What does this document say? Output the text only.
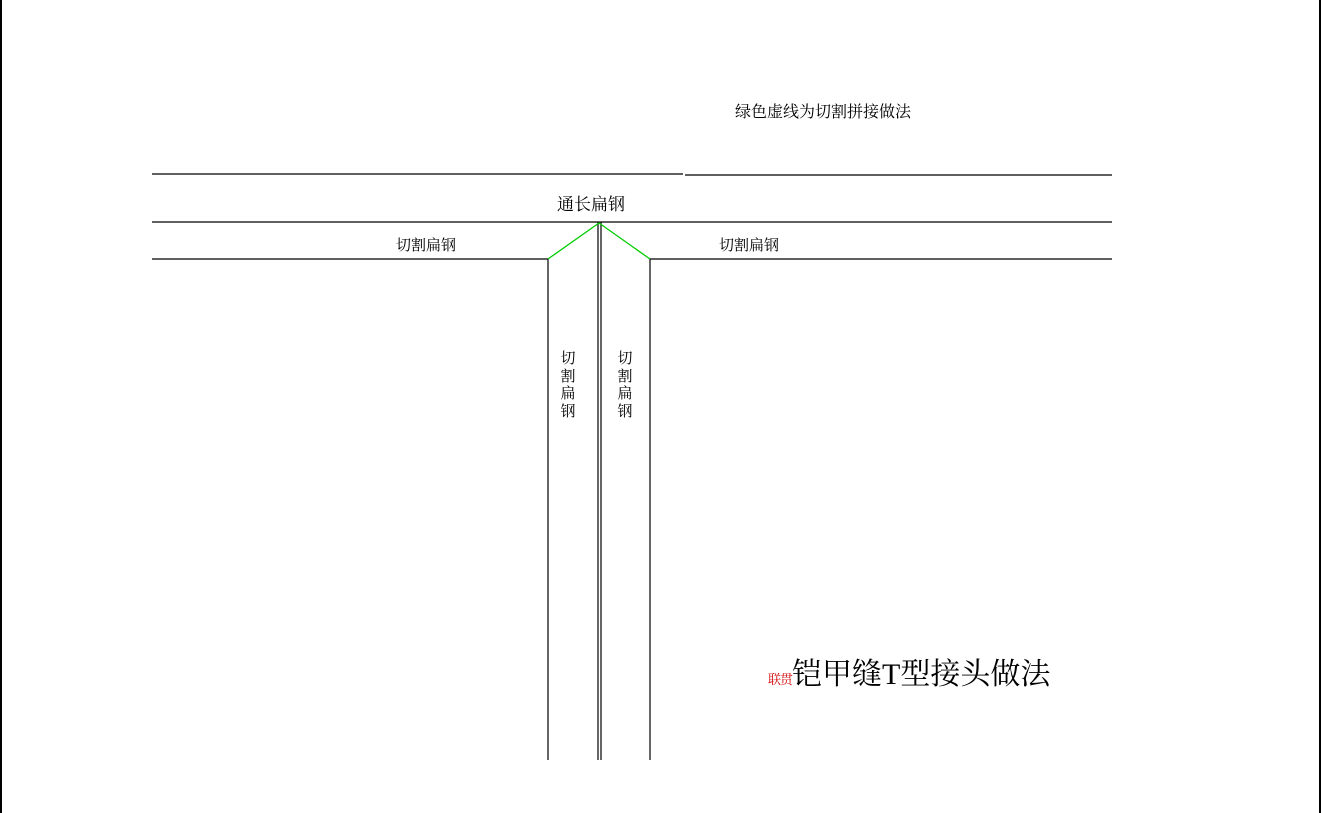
绿色虚线为切割拼接做法
通长扁钢
切割扁钢	切割扁钢
切
割
扁
钢
切
割
扁
钢
联贯 铠甲缝T型接头做法
